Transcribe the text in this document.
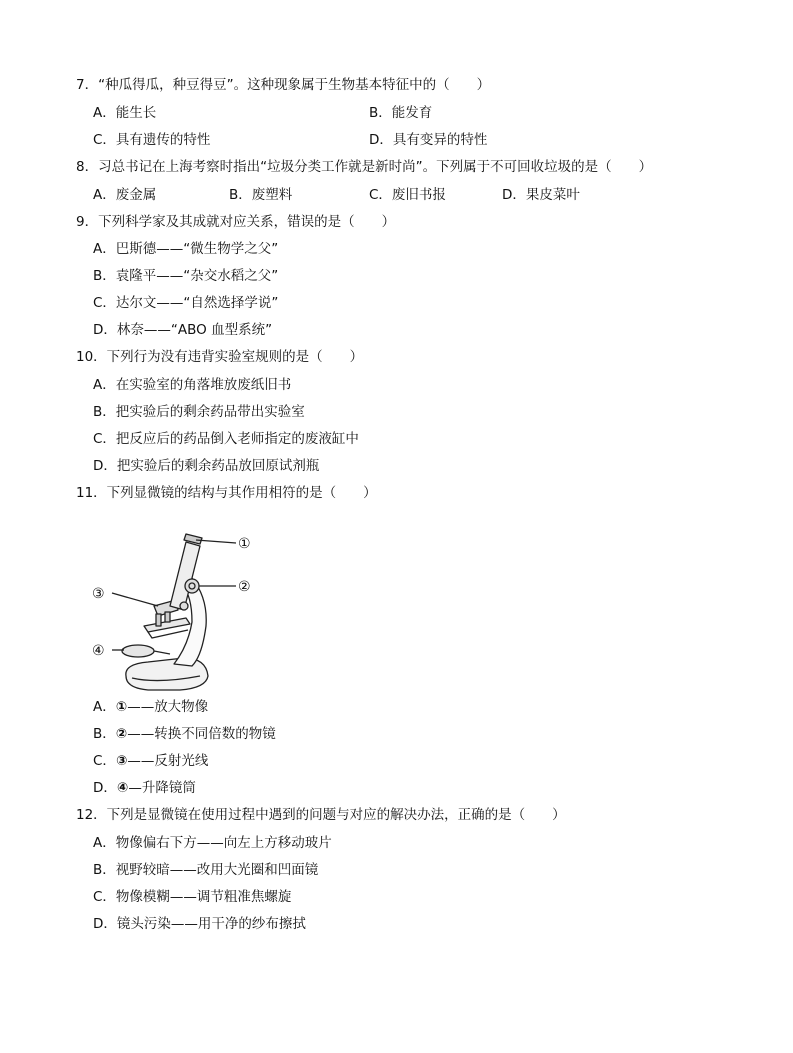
7．“种瓜得瓜，种豆得豆”。这种现象属于生物基本特征中的（　　）
A．能生长	B．能发育
C．具有遗传的特性	D．具有变异的特性
8．习总书记在上海考察时指出“垃圾分类工作就是新时尚”。下列属于不可回收垃圾的是（　　）
A．废金属	B．废塑料	C．废旧书报	D．果皮菜叶
9．下列科学家及其成就对应关系，错误的是（　　）
A．巴斯德——“微生物学之父”
B．袁隆平——“杂交水稻之父”
C．达尔文——“自然选择学说”
D．林奈——“ABO 血型系统”
10．下列行为没有违背实验室规则的是（　　）
A．在实验室的角落堆放废纸旧书
B．把实验后的剩余药品带出实验室
C．把反应后的药品倒入老师指定的废液缸中
D．把实验后的剩余药品放回原试剂瓶
11．下列显微镜的结构与其作用相符的是（　　）
①
②
③
④
A．①——放大物像
B．②——转换不同倍数的物镜
C．③——反射光线
D．④—升降镜筒
12．下列是显微镜在使用过程中遇到的问题与对应的解决办法，正确的是（　　）
A．物像偏右下方——向左上方移动玻片
B．视野较暗——改用大光圈和凹面镜
C．物像模糊——调节粗准焦螺旋
D．镜头污染——用干净的纱布擦拭
